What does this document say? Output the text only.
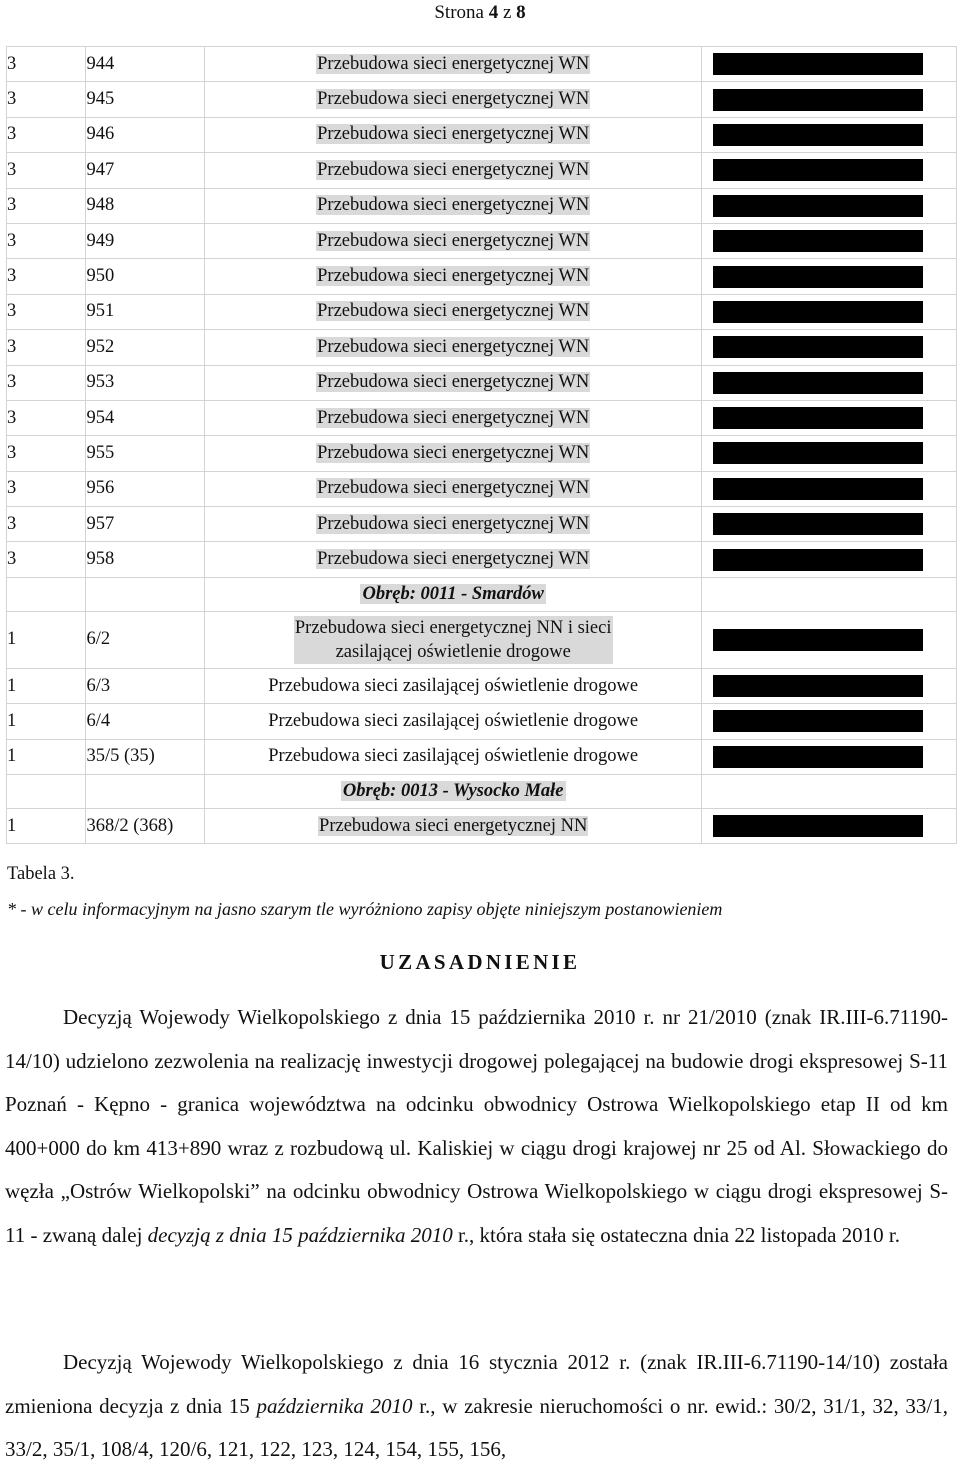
Strona 4 z 8
3	944	Przebudowa sieci energetycznej WN	

3	945	Przebudowa sieci energetycznej WN	

3	946	Przebudowa sieci energetycznej WN	

3	947	Przebudowa sieci energetycznej WN	

3	948	Przebudowa sieci energetycznej WN	

3	949	Przebudowa sieci energetycznej WN	

3	950	Przebudowa sieci energetycznej WN	

3	951	Przebudowa sieci energetycznej WN	

3	952	Przebudowa sieci energetycznej WN	

3	953	Przebudowa sieci energetycznej WN	

3	954	Przebudowa sieci energetycznej WN	

3	955	Przebudowa sieci energetycznej WN	

3	956	Przebudowa sieci energetycznej WN	

3	957	Przebudowa sieci energetycznej WN	

3	958	Przebudowa sieci energetycznej WN	

		Obręb: 0011 - Smardów	
1	6/2	Przebudowa sieci energetycznej NN i sieci
zasilającej oświetlenie drogowe	

1	6/3	Przebudowa sieci zasilającej oświetlenie drogowe	

1	6/4	Przebudowa sieci zasilającej oświetlenie drogowe	

1	35/5 (35)	Przebudowa sieci zasilającej oświetlenie drogowe	

		Obręb: 0013 - Wysocko Małe	
1	368/2 (368)	Przebudowa sieci energetycznej NN	
Tabela 3.
* - w celu informacyjnym na jasno szarym tle wyróżniono zapisy objęte niniejszym postanowieniem
UZASADNIENIE
Decyzją Wojewody Wielkopolskiego z dnia 15 października 2010 r. nr 21/2010 (znak IR.III-6.71190-14/10) udzielono zezwolenia na realizację inwestycji drogowej polegającej na budowie drogi ekspresowej S-11 Poznań - Kępno - granica województwa na odcinku obwodnicy Ostrowa Wielkopolskiego etap II od km 400+000 do km 413+890 wraz z rozbudową ul. Kaliskiej w ciągu drogi krajowej nr 25 od Al. Słowackiego do węzła „Ostrów Wielkopolski” na odcinku obwodnicy Ostrowa Wielkopolskiego w ciągu drogi ekspresowej S-11 - zwaną dalej decyzją z dnia 15 października 2010 r., która stała się ostateczna dnia 22 listopada 2010 r.
Decyzją Wojewody Wielkopolskiego z dnia 16 stycznia 2012 r. (znak IR.III-6.71190-14/10) została zmieniona decyzja z dnia 15 października 2010 r., w zakresie nieruchomości o nr. ewid.: 30/2, 31/1, 32, 33/1, 33/2, 35/1, 108/4, 120/6, 121, 122, 123, 124, 154, 155, 156,
